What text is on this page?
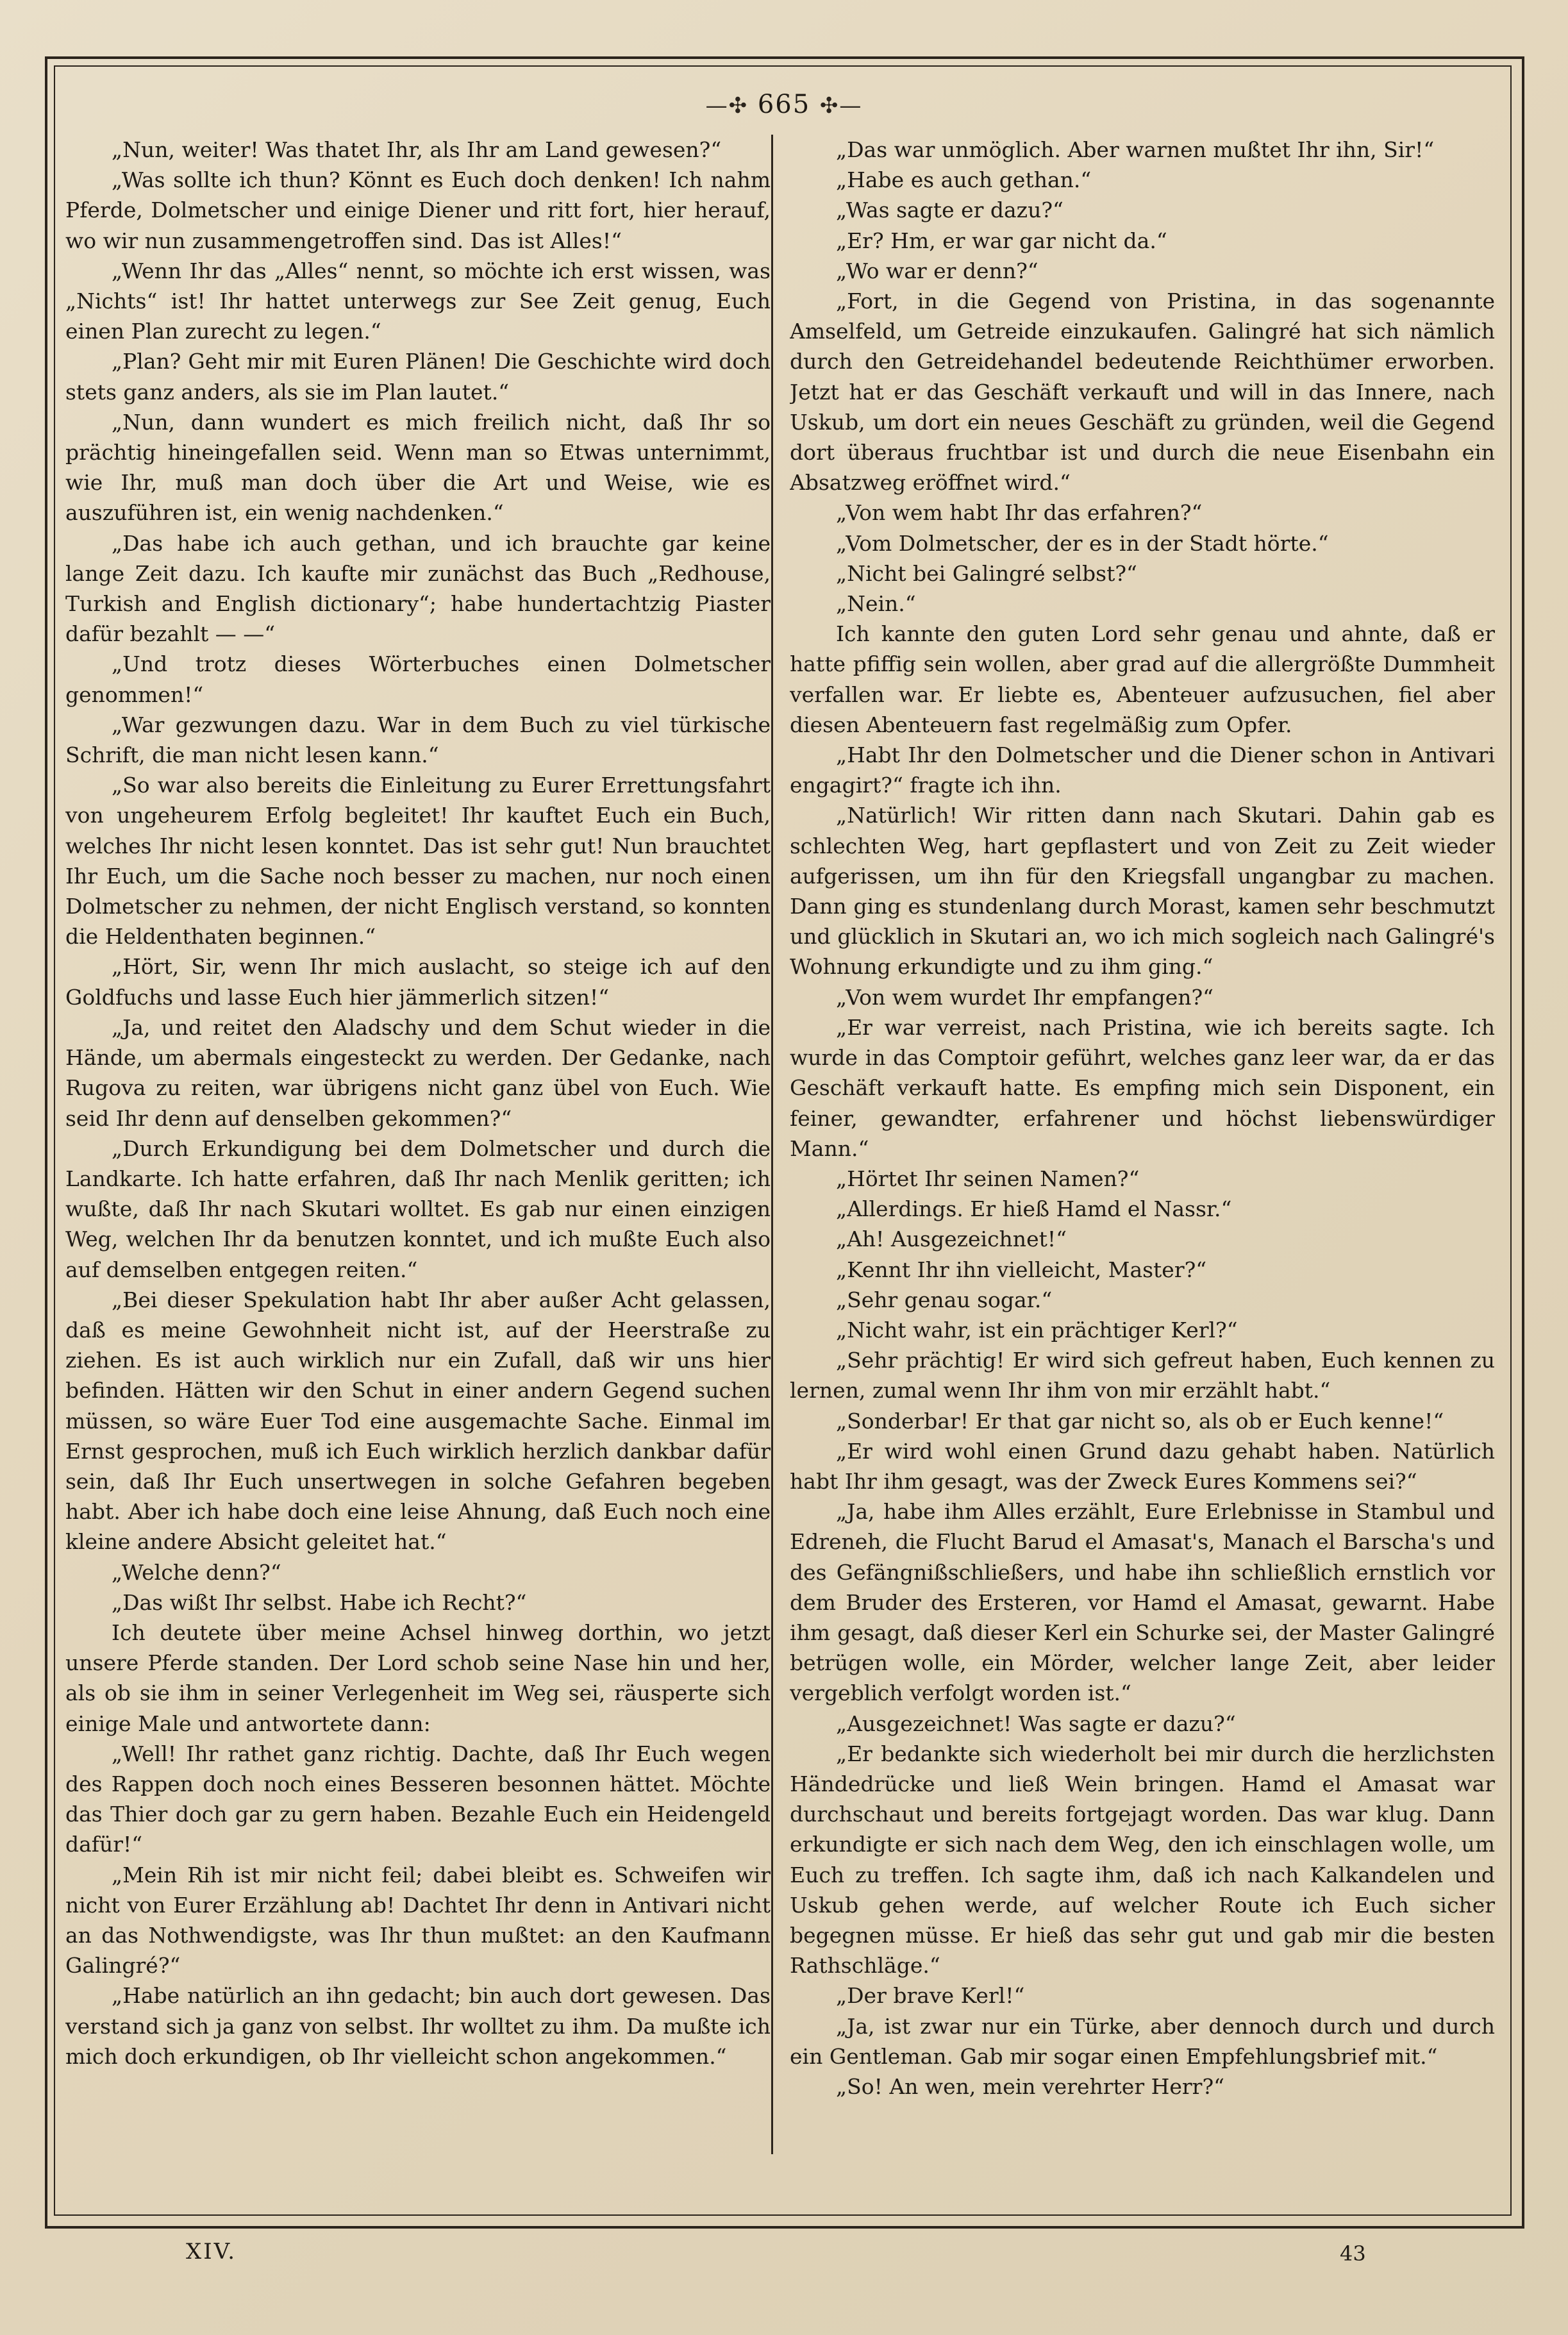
—✣ 665 ✣—

„Nun, weiter! Was thatet Ihr, als Ihr am Land gewesen?“

„Was sollte ich thun? Könnt es Euch doch denken! Ich nahm Pferde, Dolmetscher und einige Diener und ritt fort, hier herauf, wo wir nun zusammengetroffen sind. Das ist Alles!“

„Wenn Ihr das „Alles“ nennt, so möchte ich erst wissen, was „Nichts“ ist! Ihr hattet unterwegs zur See Zeit genug, Euch einen Plan zurecht zu legen.“

„Plan? Geht mir mit Euren Plänen! Die Geschichte wird doch stets ganz anders, als sie im Plan lautet.“

„Nun, dann wundert es mich freilich nicht, daß Ihr so prächtig hineingefallen seid. Wenn man so Etwas unternimmt, wie Ihr, muß man doch über die Art und Weise, wie es auszuführen ist, ein wenig nachdenken.“

„Das habe ich auch gethan, und ich brauchte gar keine lange Zeit dazu. Ich kaufte mir zunächst das Buch „Redhouse, Turkish and English dictionary“; habe hundertachtzig Piaster dafür bezahlt — —“

„Und trotz dieses Wörterbuches einen Dolmetscher genommen!“

„War gezwungen dazu. War in dem Buch zu viel türkische Schrift, die man nicht lesen kann.“

„So war also bereits die Einleitung zu Eurer Errettungsfahrt von ungeheurem Erfolg begleitet! Ihr kauftet Euch ein Buch, welches Ihr nicht lesen konntet. Das ist sehr gut! Nun brauchtet Ihr Euch, um die Sache noch besser zu machen, nur noch einen Dolmetscher zu nehmen, der nicht Englisch verstand, so konnten die Heldenthaten beginnen.“

„Hört, Sir, wenn Ihr mich auslacht, so steige ich auf den Goldfuchs und lasse Euch hier jämmerlich sitzen!“

„Ja, und reitet den Aladschy und dem Schut wieder in die Hände, um abermals eingesteckt zu werden. Der Gedanke, nach Rugova zu reiten, war übrigens nicht ganz übel von Euch. Wie seid Ihr denn auf denselben gekommen?“

„Durch Erkundigung bei dem Dolmetscher und durch die Landkarte. Ich hatte erfahren, daß Ihr nach Menlik geritten; ich wußte, daß Ihr nach Skutari wolltet. Es gab nur einen einzigen Weg, welchen Ihr da benutzen konntet, und ich mußte Euch also auf demselben entgegen reiten.“

„Bei dieser Spekulation habt Ihr aber außer Acht gelassen, daß es meine Gewohnheit nicht ist, auf der Heerstraße zu ziehen. Es ist auch wirklich nur ein Zufall, daß wir uns hier befinden. Hätten wir den Schut in einer andern Gegend suchen müssen, so wäre Euer Tod eine ausgemachte Sache. Einmal im Ernst gesprochen, muß ich Euch wirklich herzlich dankbar dafür sein, daß Ihr Euch unsertwegen in solche Gefahren begeben habt. Aber ich habe doch eine leise Ahnung, daß Euch noch eine kleine andere Absicht geleitet hat.“

„Welche denn?“

„Das wißt Ihr selbst. Habe ich Recht?“

Ich deutete über meine Achsel hinweg dorthin, wo jetzt unsere Pferde standen. Der Lord schob seine Nase hin und her, als ob sie ihm in seiner Verlegenheit im Weg sei, räusperte sich einige Male und antwortete dann:

„Well! Ihr rathet ganz richtig. Dachte, daß Ihr Euch wegen des Rappen doch noch eines Besseren besonnen hättet. Möchte das Thier doch gar zu gern haben. Bezahle Euch ein Heidengeld dafür!“

„Mein Rih ist mir nicht feil; dabei bleibt es. Schweifen wir nicht von Eurer Erzählung ab! Dachtet Ihr denn in Antivari nicht an das Nothwendigste, was Ihr thun mußtet: an den Kaufmann Galingré?“

„Habe natürlich an ihn gedacht; bin auch dort gewesen. Das verstand sich ja ganz von selbst. Ihr wolltet zu ihm. Da mußte ich mich doch erkundigen, ob Ihr vielleicht schon angekommen.“

„Das war unmöglich. Aber warnen mußtet Ihr ihn, Sir!“

„Habe es auch gethan.“

„Was sagte er dazu?“

„Er? Hm, er war gar nicht da.“

„Wo war er denn?“

„Fort, in die Gegend von Pristina, in das sogenannte Amselfeld, um Getreide einzukaufen. Galingré hat sich nämlich durch den Getreidehandel bedeutende Reichthümer erworben. Jetzt hat er das Geschäft verkauft und will in das Innere, nach Uskub, um dort ein neues Geschäft zu gründen, weil die Gegend dort überaus fruchtbar ist und durch die neue Eisenbahn ein Absatzweg eröffnet wird.“

„Von wem habt Ihr das erfahren?“

„Vom Dolmetscher, der es in der Stadt hörte.“

„Nicht bei Galingré selbst?“

„Nein.“

Ich kannte den guten Lord sehr genau und ahnte, daß er hatte pfiffig sein wollen, aber grad auf die allergrößte Dummheit verfallen war. Er liebte es, Abenteuer aufzusuchen, fiel aber diesen Abenteuern fast regelmäßig zum Opfer.

„Habt Ihr den Dolmetscher und die Diener schon in Antivari engagirt?“ fragte ich ihn.

„Natürlich! Wir ritten dann nach Skutari. Dahin gab es schlechten Weg, hart gepflastert und von Zeit zu Zeit wieder aufgerissen, um ihn für den Kriegsfall ungangbar zu machen. Dann ging es stundenlang durch Morast, kamen sehr beschmutzt und glücklich in Skutari an, wo ich mich sogleich nach Galingré's Wohnung erkundigte und zu ihm ging.“

„Von wem wurdet Ihr empfangen?“

„Er war verreist, nach Pristina, wie ich bereits sagte. Ich wurde in das Comptoir geführt, welches ganz leer war, da er das Geschäft verkauft hatte. Es empfing mich sein Disponent, ein feiner, gewandter, erfahrener und höchst liebenswürdiger Mann.“

„Hörtet Ihr seinen Namen?“

„Allerdings. Er hieß Hamd el Nassr.“

„Ah! Ausgezeichnet!“

„Kennt Ihr ihn vielleicht, Master?“

„Sehr genau sogar.“

„Nicht wahr, ist ein prächtiger Kerl?“

„Sehr prächtig! Er wird sich gefreut haben, Euch kennen zu lernen, zumal wenn Ihr ihm von mir erzählt habt.“

„Sonderbar! Er that gar nicht so, als ob er Euch kenne!“

„Er wird wohl einen Grund dazu gehabt haben. Natürlich habt Ihr ihm gesagt, was der Zweck Eures Kommens sei?“

„Ja, habe ihm Alles erzählt, Eure Erlebnisse in Stambul und Edreneh, die Flucht Barud el Amasat's, Manach el Barscha's und des Gefängnißschließers, und habe ihn schließlich ernstlich vor dem Bruder des Ersteren, vor Hamd el Amasat, gewarnt. Habe ihm gesagt, daß dieser Kerl ein Schurke sei, der Master Galingré betrügen wolle, ein Mörder, welcher lange Zeit, aber leider vergeblich verfolgt worden ist.“

„Ausgezeichnet! Was sagte er dazu?“

„Er bedankte sich wiederholt bei mir durch die herzlichsten Händedrücke und ließ Wein bringen. Hamd el Amasat war durchschaut und bereits fortgejagt worden. Das war klug. Dann erkundigte er sich nach dem Weg, den ich einschlagen wolle, um Euch zu treffen. Ich sagte ihm, daß ich nach Kalkandelen und Uskub gehen werde, auf welcher Route ich Euch sicher begegnen müsse. Er hieß das sehr gut und gab mir die besten Rathschläge.“

„Der brave Kerl!“

„Ja, ist zwar nur ein Türke, aber dennoch durch und durch ein Gentleman. Gab mir sogar einen Empfehlungsbrief mit.“

„So! An wen, mein verehrter Herr?“

XIV.	43
